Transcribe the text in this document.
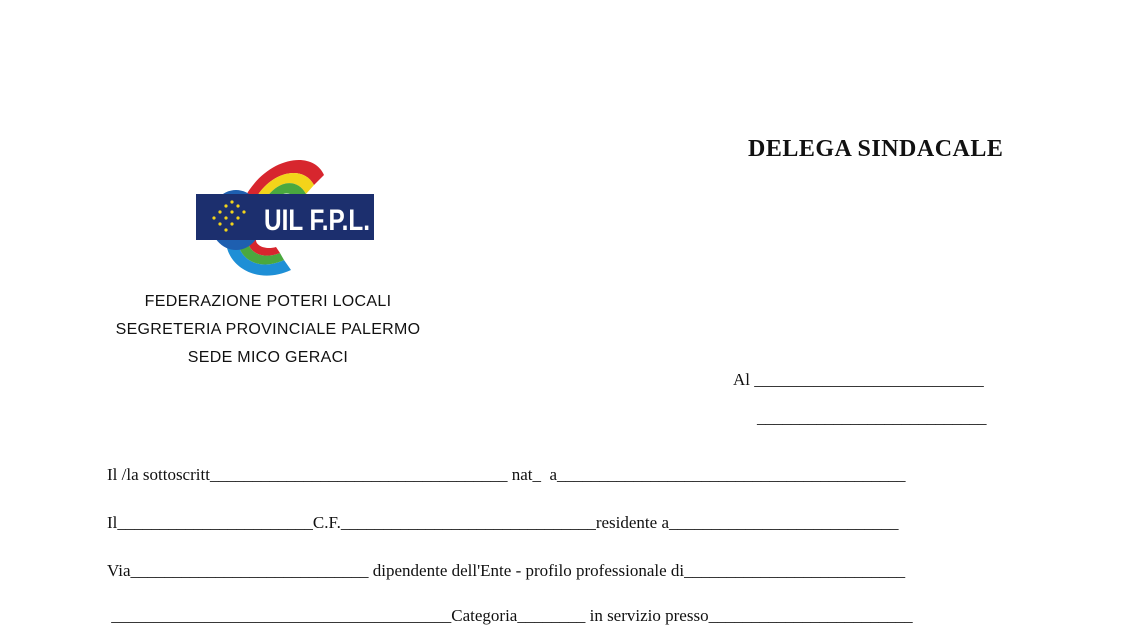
DELEGA SINDACALE
UIL F.P.L.
FEDERAZIONE POTERI LOCALI
SEGRETERIA PROVINCIALE PALERMO
SEDE MICO GERACI
Al ___________________________
___________________________
Il /la sottoscritt___________________________________ nat_  a_________________________________________
Il_______________________C.F.______________________________residente a___________________________
Via____________________________ dipendente dell'Ente - profilo professionale di__________________________
________________________________________Categoria________ in servizio presso________________________
